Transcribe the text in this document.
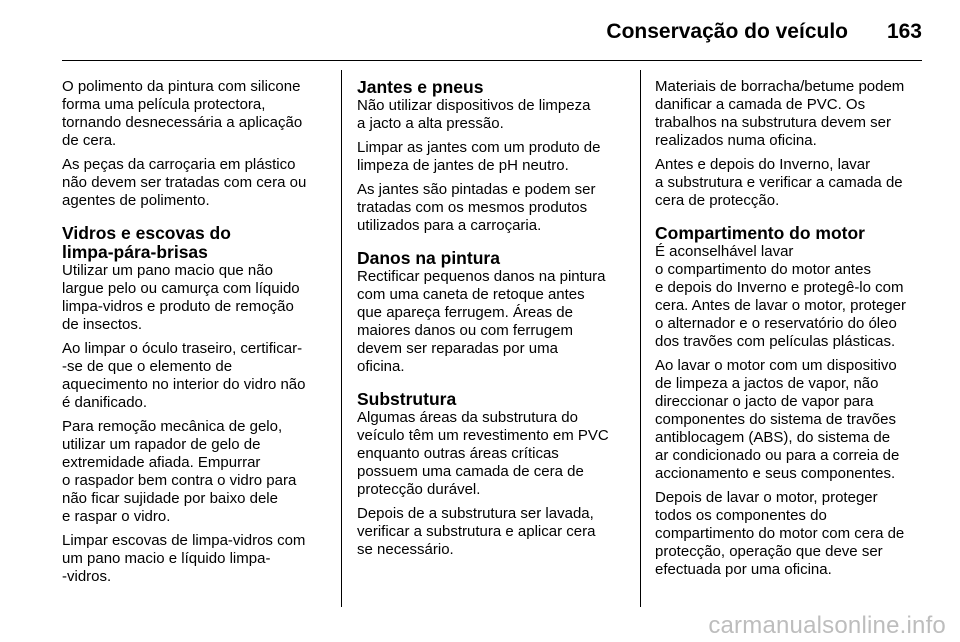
Conservação do veículo 163

O polimento da pintura com silicone
forma uma película protectora,
tornando desnecessária a aplicação
de cera.

As peças da carroçaria em plástico
não devem ser tratadas com cera ou
agentes de polimento.

Vidros e escovas do
limpa-pára-brisas

Utilizar um pano macio que não
largue pelo ou camurça com líquido
limpa-vidros e produto de remoção
de insectos.

Ao limpar o óculo traseiro, certificar-
-se de que o elemento de
aquecimento no interior do vidro não
é danificado.

Para remoção mecânica de gelo,
utilizar um rapador de gelo de
extremidade afiada. Empurrar
o raspador bem contra o vidro para
não ficar sujidade por baixo dele
e raspar o vidro.

Limpar escovas de limpa-vidros com
um pano macio e líquido limpa-
-vidros.

Jantes e pneus

Não utilizar dispositivos de limpeza
a jacto a alta pressão.

Limpar as jantes com um produto de
limpeza de jantes de pH neutro.

As jantes são pintadas e podem ser
tratadas com os mesmos produtos
utilizados para a carroçaria.

Danos na pintura

Rectificar pequenos danos na pintura
com uma caneta de retoque antes
que apareça ferrugem. Áreas de
maiores danos ou com ferrugem
devem ser reparadas por uma
oficina.

Substrutura

Algumas áreas da substrutura do
veículo têm um revestimento em PVC
enquanto outras áreas críticas
possuem uma camada de cera de
protecção durável.

Depois de a substrutura ser lavada,
verificar a substrutura e aplicar cera
se necessário.

Materiais de borracha/betume podem
danificar a camada de PVC. Os
trabalhos na substrutura devem ser
realizados numa oficina.

Antes e depois do Inverno, lavar
a substrutura e verificar a camada de
cera de protecção.

Compartimento do motor

É aconselhável lavar
o compartimento do motor antes
e depois do Inverno e protegê-lo com
cera. Antes de lavar o motor, proteger
o alternador e o reservatório do óleo
dos travões com películas plásticas.

Ao lavar o motor com um dispositivo
de limpeza a jactos de vapor, não
direccionar o jacto de vapor para
componentes do sistema de travões
antiblocagem (ABS), do sistema de
ar condicionado ou para a correia de
accionamento e seus componentes.

Depois de lavar o motor, proteger
todos os componentes do
compartimento do motor com cera de
protecção, operação que deve ser
efectuada por uma oficina.

carmanualsonline.info
